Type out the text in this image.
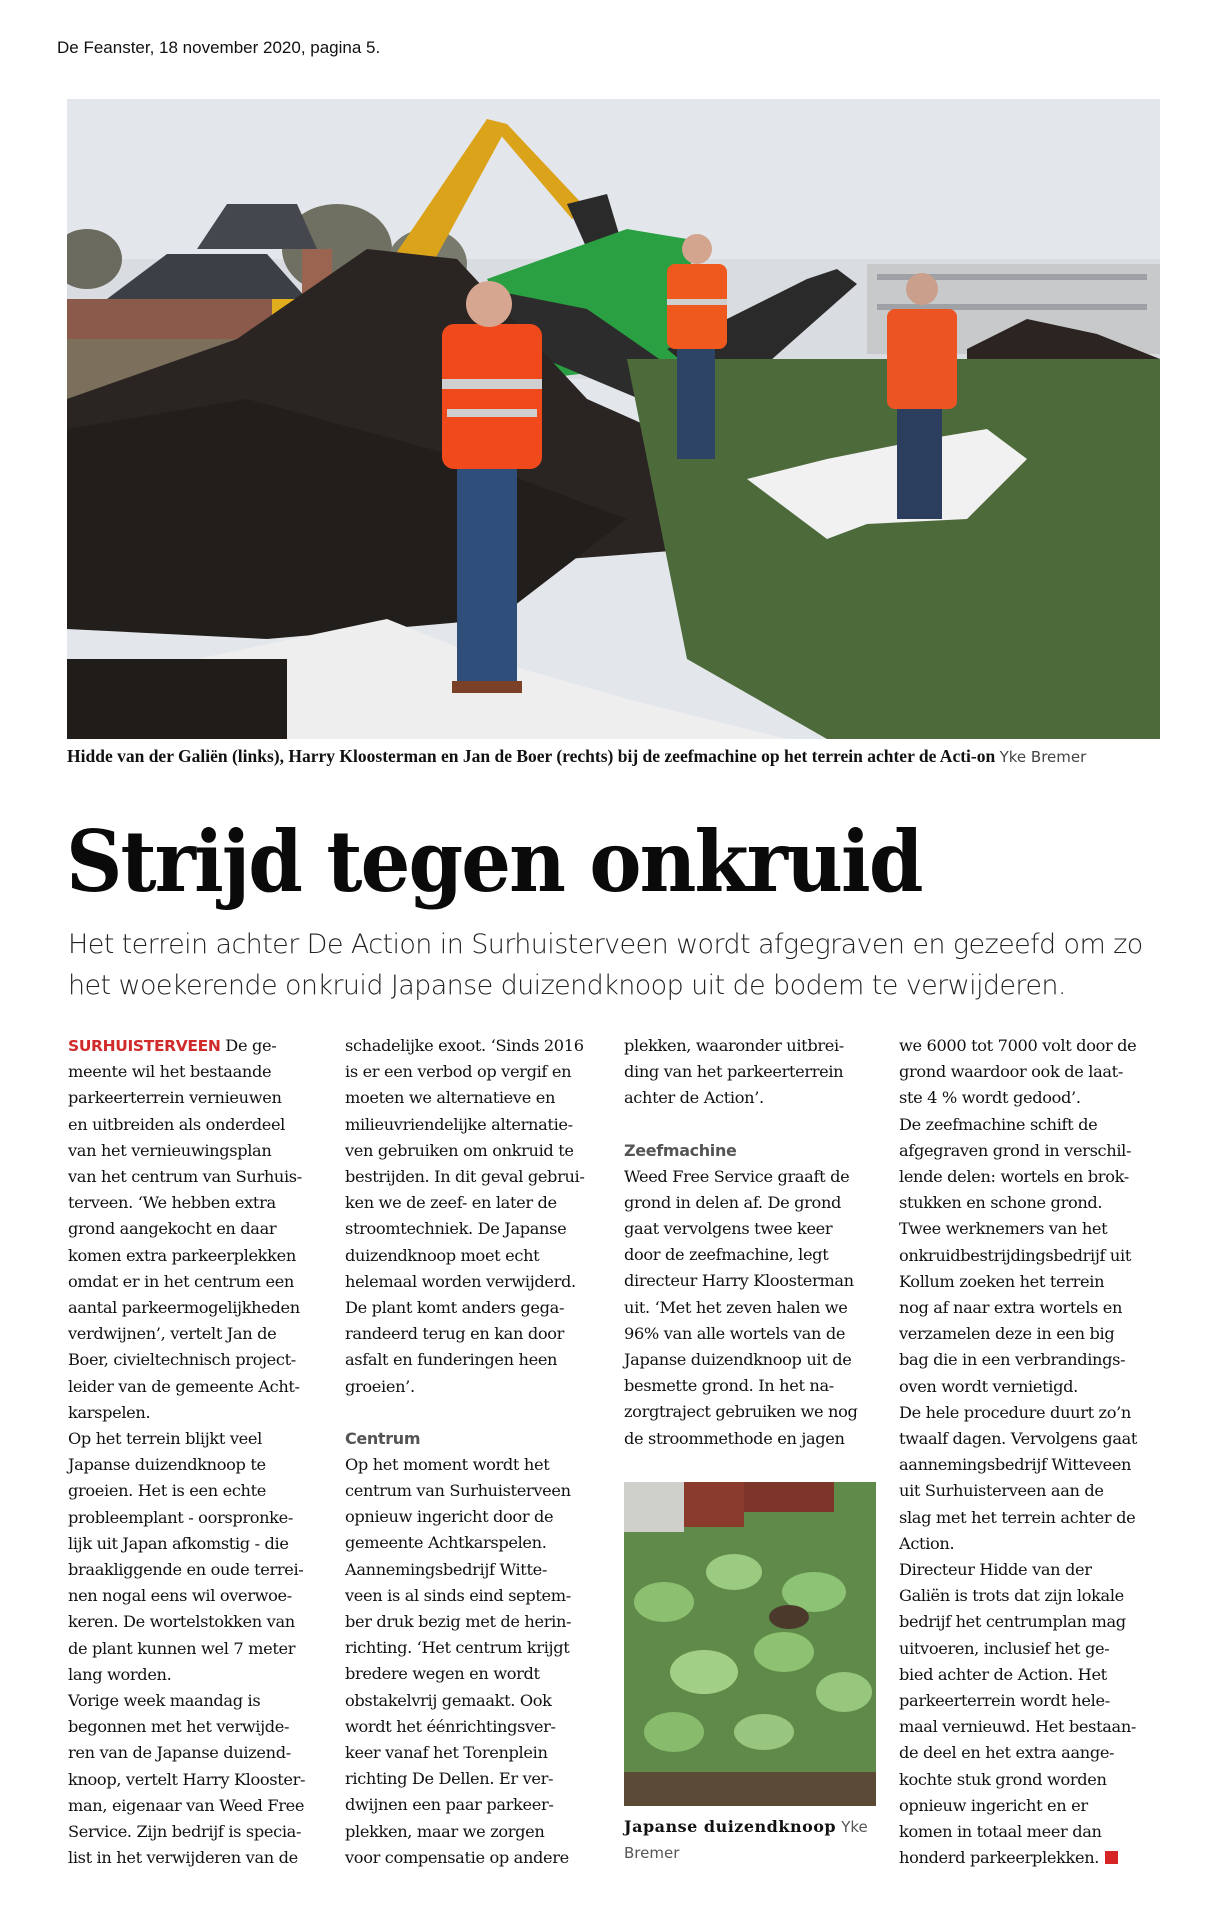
De Feanster, 18 november 2020, pagina 5.
Hidde van der Galiën (links), Harry Kloosterman en Jan de Boer (rechts) bij de zeefmachine op het terrein achter de Acti-on Yke Bremer
Strijd tegen onkruid
Het terrein achter De Action in Surhuisterveen wordt afgegraven en gezeefd om zo het woekerende onkruid Japanse duizendknoop uit de bodem te verwijderen.

SURHUISTERVEEN De ge-
meente wil het bestaande
parkeerterrein vernieuwen
en uitbreiden als onderdeel
van het vernieuwingsplan
van het centrum van Surhuis-
terveen. ‘We hebben extra
grond aangekocht en daar
komen extra parkeerplekken
omdat er in het centrum een
aantal parkeermogelijkheden
verdwijnen’, vertelt Jan de
Boer, civieltechnisch project-
leider van de gemeente Acht-
karspelen.

Op het terrein blijkt veel
Japanse duizendknoop te
groeien. Het is een echte
probleemplant - oorspronke-
lijk uit Japan afkomstig - die
braakliggende en oude terrei-
nen nogal eens wil overwoe-
keren. De wortelstokken van
de plant kunnen wel 7 meter
lang worden.

Vorige week maandag is
begonnen met het verwijde-
ren van de Japanse duizend-
knoop, vertelt Harry Klooster-
man, eigenaar van Weed Free
Service. Zijn bedrijf is specia-
list in het verwijderen van de

schadelijke exoot. ‘Sinds 2016
is er een verbod op vergif en
moeten we alternatieve en
milieuvriendelijke alternatie-
ven gebruiken om onkruid te
bestrijden. In dit geval gebrui-
ken we de zeef- en later de
stroomtechniek. De Japanse
duizendknoop moet echt
helemaal worden verwijderd.
De plant komt anders gega-
randeerd terug en kan door
asfalt en funderingen heen
groeien’.

Centrum

Op het moment wordt het
centrum van Surhuisterveen
opnieuw ingericht door de
gemeente Achtkarspelen.
Aannemingsbedrijf Witte-
veen is al sinds eind septem-
ber druk bezig met de herin-
richting. ‘Het centrum krijgt
bredere wegen en wordt
obstakelvrij gemaakt. Ook
wordt het éénrichtingsver-
keer vanaf het Torenplein
richting De Dellen. Er ver-
dwijnen een paar parkeer-
plekken, maar we zorgen
voor compensatie op andere

plekken, waaronder uitbrei-
ding van het parkeerterrein
achter de Action’.

Zeefmachine

Weed Free Service graaft de
grond in delen af. De grond
gaat vervolgens twee keer
door de zeefmachine, legt
directeur Harry Kloosterman
uit. ‘Met het zeven halen we
96% van alle wortels van de
Japanse duizendknoop uit de
besmette grond. In het na-
zorgtraject gebruiken we nog
de stroommethode en jagen

Japanse duizendknoop Yke Bremer

we 6000 tot 7000 volt door de
grond waardoor ook de laat-
ste 4 % wordt gedood’.

De zeefmachine schift de
afgegraven grond in verschil-
lende delen: wortels en brok-
stukken en schone grond.
Twee werknemers van het
onkruidbestrijdingsbedrijf uit
Kollum zoeken het terrein
nog af naar extra wortels en
verzamelen deze in een big
bag die in een verbrandings-
oven wordt vernietigd.

De hele procedure duurt zo’n
twaalf dagen. Vervolgens gaat
aannemingsbedrijf Witteveen
uit Surhuisterveen aan de
slag met het terrein achter de
Action.

Directeur Hidde van der
Galiën is trots dat zijn lokale
bedrijf het centrumplan mag
uitvoeren, inclusief het ge-
bied achter de Action. Het
parkeerterrein wordt hele-
maal vernieuwd. Het bestaan-
de deel en het extra aange-
kochte stuk grond worden
opnieuw ingericht en er
komen in totaal meer dan
honderd parkeerplekken.
